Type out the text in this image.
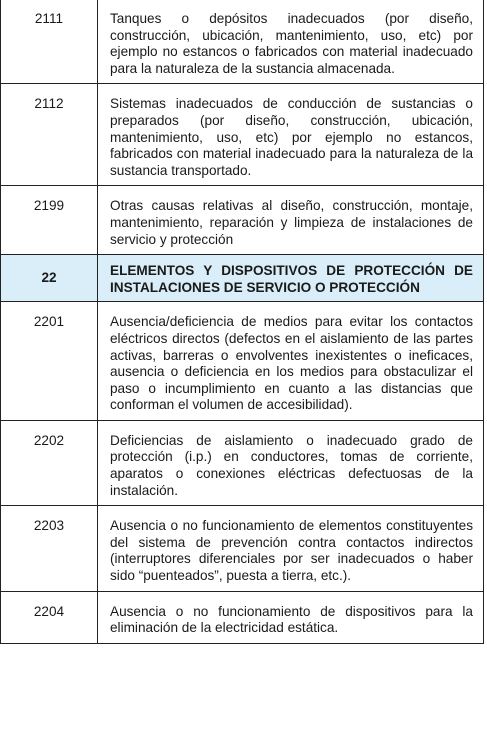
2111	Tanques o depósitos inadecuados (por diseño, construcción, ubicación, mantenimiento, uso, etc) por ejemplo no estancos o fabricados con material inadecuado para la naturaleza de la sustancia almacenada.
2112	Sistemas inadecuados de conducción de sustancias o preparados (por diseño, construcción, ubicación, mantenimiento, uso, etc) por ejemplo no estancos, fabricados con material inadecuado para la naturaleza de la sustancia transportado.
2199	Otras causas relativas al diseño, construcción, montaje, mantenimiento, reparación y limpieza de instalaciones de servicio y protección
22	ELEMENTOS Y DISPOSITIVOS DE PROTECCIÓN DE INSTALACIONES DE SERVICIO O PROTECCIÓN
2201	Ausencia/deficiencia de medios para evitar los contactos eléctricos directos (defectos en el aislamiento de las partes activas, barreras o envolventes inexistentes o ineficaces, ausencia o deficiencia en los medios para obstaculizar el paso o incumplimiento en cuanto a las distancias que conforman el volumen de accesibilidad).
2202	Deficiencias de aislamiento o inadecuado grado de protección (i.p.) en conductores, tomas de corriente, aparatos o conexiones eléctricas defectuosas de la instalación.
2203	Ausencia o no funcionamiento de elementos constituyentes del sistema de prevención contra contactos indirectos (interruptores diferenciales por ser inadecuados o haber sido “puenteados”, puesta a tierra, etc.).
2204	Ausencia o no funcionamiento de dispositivos para la eliminación de la electricidad estática.
